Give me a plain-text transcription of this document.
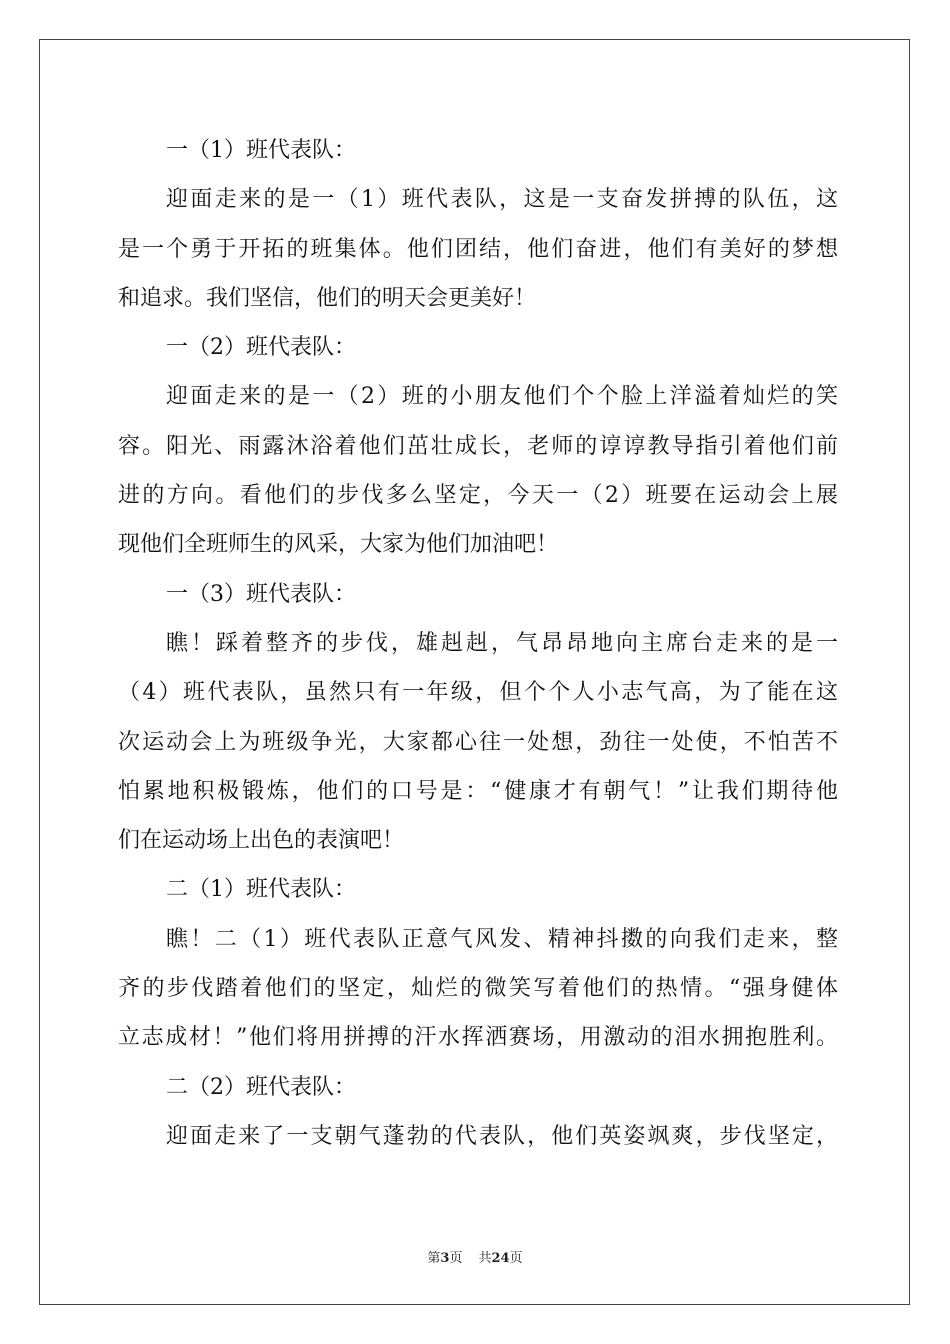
一（1）班代表队：
迎面走来的是一（1）班代表队，这是一支奋发拼搏的队伍，这
是一个勇于开拓的班集体。他们团结，他们奋进，他们有美好的梦想
和追求。我们坚信，他们的明天会更美好！
一（2）班代表队：
迎面走来的是一（2）班的小朋友他们个个脸上洋溢着灿烂的笑
容。阳光、雨露沐浴着他们茁壮成长，老师的谆谆教导指引着他们前
进的方向。看他们的步伐多么坚定，今天一（2）班要在运动会上展
现他们全班师生的风采，大家为他们加油吧！
一（3）班代表队：
瞧！踩着整齐的步伐，雄赳赳，气昂昂地向主席台走来的是一
（4）班代表队，虽然只有一年级，但个个人小志气高，为了能在这
次运动会上为班级争光，大家都心往一处想，劲往一处使，不怕苦不
怕累地积极锻炼，他们的口号是：“健康才有朝气！”让我们期待他
们在运动场上出色的表演吧！
二（1）班代表队：
瞧！二（1）班代表队正意气风发、精神抖擞的向我们走来，整
齐的步伐踏着他们的坚定，灿烂的微笑写着他们的热情。“强身健体
立志成材！”他们将用拼搏的汗水挥洒赛场，用激动的泪水拥抱胜利。
二（2）班代表队：
迎面走来了一支朝气蓬勃的代表队，他们英姿飒爽，步伐坚定，
第3页 共24页
